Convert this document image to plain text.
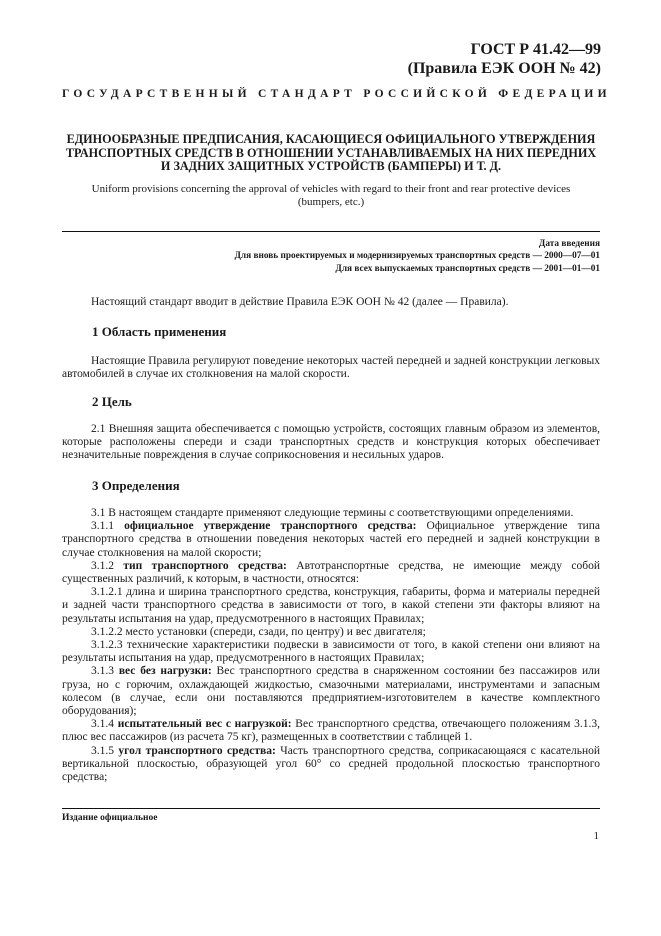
ГОСТ Р 41.42—99
(Правила ЕЭК ООН № 42)
ГОСУДАРСТВЕННЫЙ СТАНДАРТ РОССИЙСКОЙ ФЕДЕРАЦИИ
ЕДИНООБРАЗНЫЕ ПРЕДПИСАНИЯ, КАСАЮЩИЕСЯ ОФИЦИАЛЬНОГО УТВЕРЖДЕНИЯ
ТРАНСПОРТНЫХ СРЕДСТВ В ОТНОШЕНИИ УСТАНАВЛИВАЕМЫХ НА НИХ ПЕРЕДНИХ
И ЗАДНИХ ЗАЩИТНЫХ УСТРОЙСТВ (БАМПЕРЫ) И Т. Д.
Uniform provisions concerning the approval of vehicles with regard to their front and rear protective devices
(bumpers, etc.)
Дата введения
Для вновь проектируемых и модернизируемых транспортных средств — 2000—07—01
Для всех выпускаемых транспортных средств — 2001—01—01

Настоящий стандарт вводит в действие Правила ЕЭК ООН № 42 (далее — Правила).

1 Область применения

Настоящие Правила регулируют поведение некоторых частей передней и задней конструкции легковых автомобилей в случае их столкновения на малой скорости.

2 Цель

2.1 Внешняя защита обеспечивается с помощью устройств, состоящих главным образом из элементов, которые расположены спереди и сзади транспортных средств и конструкция которых обеспечивает незначительные повреждения в случае соприкосновения и несильных ударов.

3 Определения

3.1 В настоящем стандарте применяют следующие термины с соответствующими определениями.

3.1.1 официальное утверждение транспортного средства: Официальное утверждение типа транспортного средства в отношении поведения некоторых частей его передней и задней конструкции в случае столкновения на малой скорости;

3.1.2 тип транспортного средства: Автотранспортные средства, не имеющие между собой существенных различий, к которым, в частности, относятся:

3.1.2.1 длина и ширина транспортного средства, конструкция, габариты, форма и материалы передней и задней части транспортного средства в зависимости от того, в какой степени эти факторы влияют на результаты испытания на удар, предусмотренного в настоящих Правилах;

3.1.2.2 место установки (спереди, сзади, по центру) и вес двигателя;

3.1.2.3 технические характеристики подвески в зависимости от того, в какой степени они влияют на результаты испытания на удар, предусмотренного в настоящих Правилах;

3.1.3 вес без нагрузки: Вес транспортного средства в снаряженном состоянии без пассажиров или груза, но с горючим, охлаждающей жидкостью, смазочными материалами, инструментами и запасным колесом (в случае, если они поставляются предприятием-изготовителем в качестве комплектного оборудования);

3.1.4 испытательный вес с нагрузкой: Вес транспортного средства, отвечающего положениям 3.1.3, плюс вес пассажиров (из расчета 75 кг), размещенных в соответствии с таблицей 1.

3.1.5 угол транспортного средства: Часть транспортного средства, соприкасающаяся с касательной вертикальной плоскостью, образующей угол 60° со средней продольной плоскостью транспортного средства;

Издание официальное
1
